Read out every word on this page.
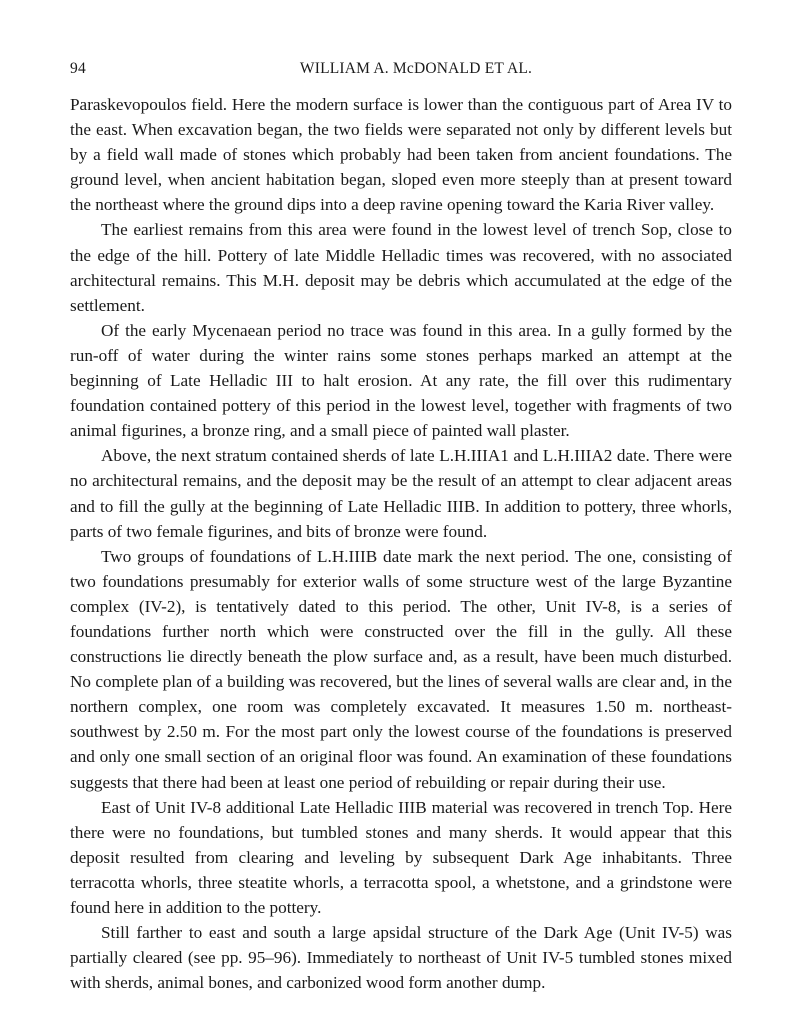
94	WILLIAM A. McDONALD ET AL.

Paraskevopoulos field. Here the modern surface is lower than the contiguous part of Area IV to the east. When excavation began, the two fields were separated not only by different levels but by a field wall made of stones which probably had been taken from ancient foundations. The ground level, when ancient habitation began, sloped even more steeply than at present toward the northeast where the ground dips into a deep ravine opening toward the Karia River valley.

The earliest remains from this area were found in the lowest level of trench Sop, close to the edge of the hill. Pottery of late Middle Helladic times was recovered, with no associated architectural remains. This M.H. deposit may be debris which accumulated at the edge of the settlement.

Of the early Mycenaean period no trace was found in this area. In a gully formed by the run-off of water during the winter rains some stones perhaps marked an attempt at the beginning of Late Helladic III to halt erosion. At any rate, the fill over this rudimentary foundation contained pottery of this period in the lowest level, together with fragments of two animal figurines, a bronze ring, and a small piece of painted wall plaster.

Above, the next stratum contained sherds of late L.H.IIIA1 and L.H.IIIA2 date. There were no architectural remains, and the deposit may be the result of an attempt to clear adjacent areas and to fill the gully at the beginning of Late Helladic IIIB. In addition to pottery, three whorls, parts of two female figurines, and bits of bronze were found.

Two groups of foundations of L.H.IIIB date mark the next period. The one, consisting of two foundations presumably for exterior walls of some structure west of the large Byzantine complex (IV-2), is tentatively dated to this period. The other, Unit IV-8, is a series of foundations further north which were constructed over the fill in the gully. All these constructions lie directly beneath the plow surface and, as a result, have been much disturbed. No complete plan of a building was recovered, but the lines of several walls are clear and, in the northern complex, one room was completely excavated. It measures 1.50 m. northeast-southwest by 2.50 m. For the most part only the lowest course of the foundations is preserved and only one small section of an original floor was found. An examination of these foundations suggests that there had been at least one period of rebuilding or repair during their use.

East of Unit IV-8 additional Late Helladic IIIB material was recovered in trench Top. Here there were no foundations, but tumbled stones and many sherds. It would appear that this deposit resulted from clearing and leveling by subsequent Dark Age inhabitants. Three terracotta whorls, three steatite whorls, a terracotta spool, a whetstone, and a grindstone were found here in addition to the pottery.

Still farther to east and south a large apsidal structure of the Dark Age (Unit IV-5) was partially cleared (see pp. 95–96). Immediately to northeast of Unit IV-5 tumbled stones mixed with sherds, animal bones, and carbonized wood form another dump.
